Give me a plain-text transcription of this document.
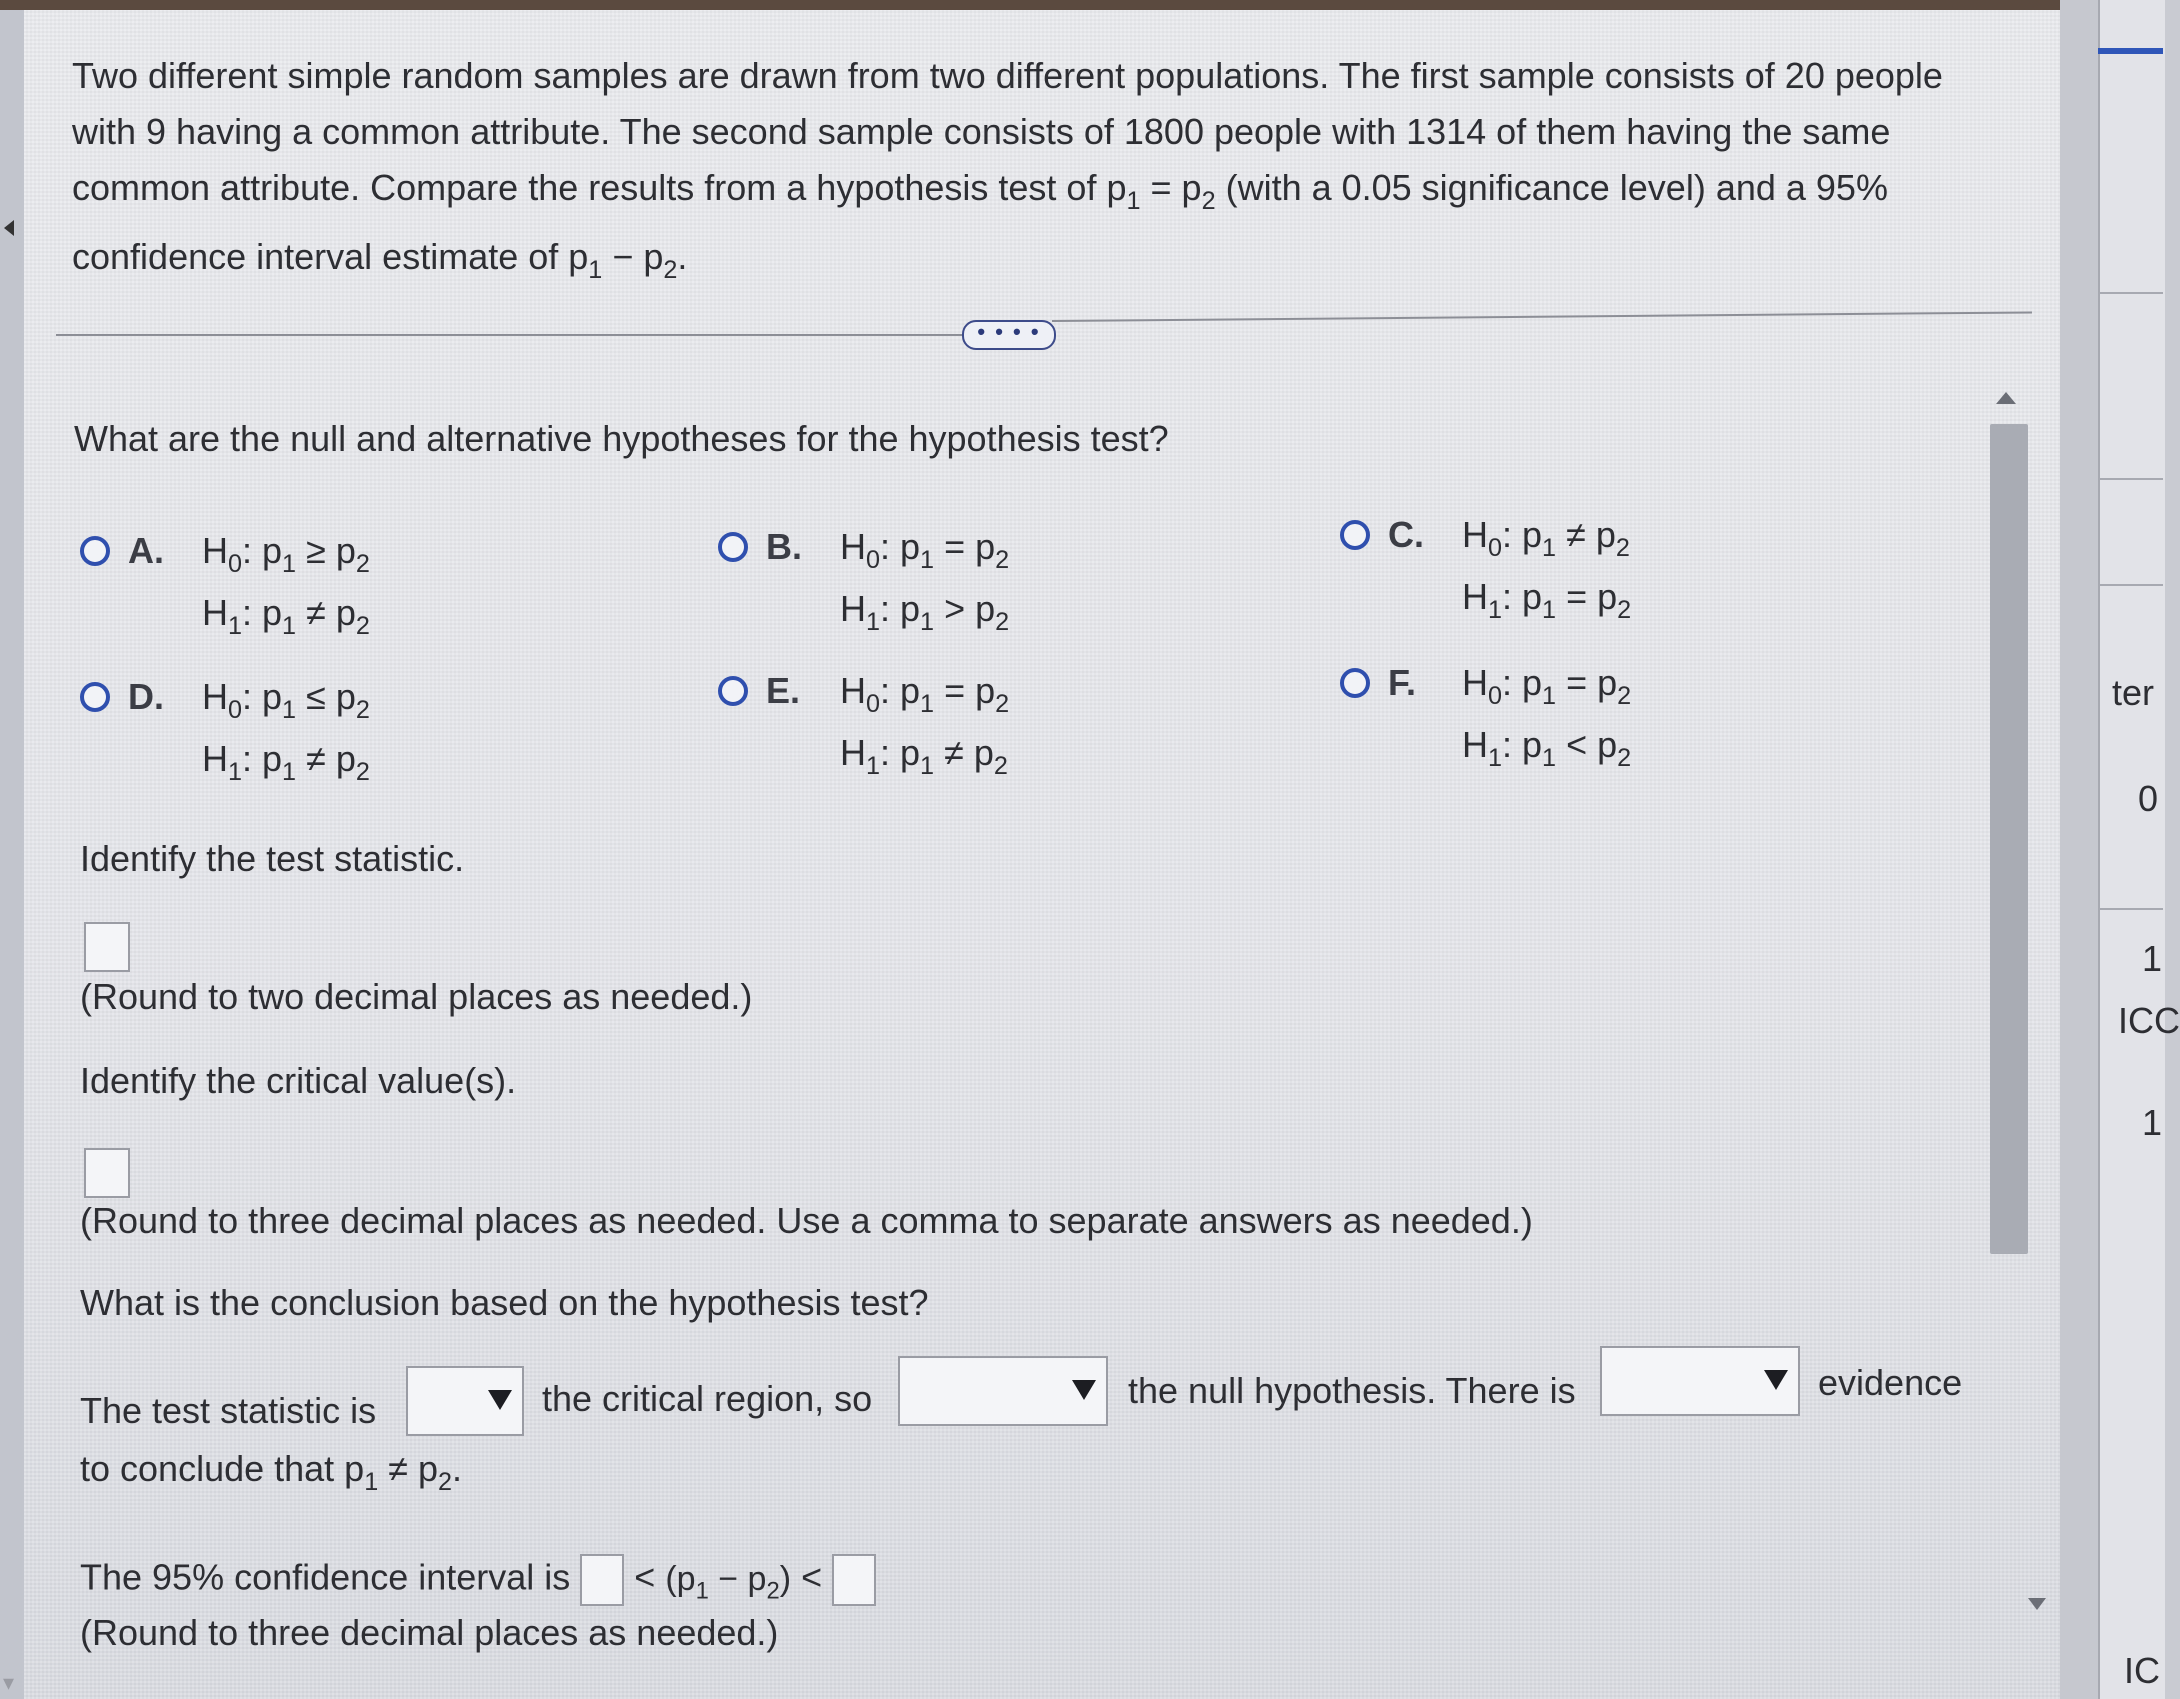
▾
Two different simple random samples are drawn from two different populations. The first sample consists of 20 people
with 9 having a common attribute. The second sample consists of 1800 people with 1314 of them having the same
common attribute. Compare the results from a hypothesis test of $p_1 = p_2$ (with a 0.05 significance level) and a 95%
confidence interval estimate of $p_1 - p_2$.
• • • •
What are the null and alternative hypotheses for the hypothesis test?
A. $H_0$: $p_1 \ge p_2$
$H_1$: $p_1 \ne p_2$
B. $H_0$: $p_1 = p_2$
$H_1$: $p_1 > p_2$
C. $H_0$: $p_1 \ne p_2$
$H_1$: $p_1 = p_2$
D. $H_0$: $p_1 \le p_2$
$H_1$: $p_1 \ne p_2$
E. $H_0$: $p_1 = p_2$
$H_1$: $p_1 \ne p_2$
F. $H_0$: $p_1 = p_2$
$H_1$: $p_1 < p_2$
Identify the test statistic.
(Round to two decimal places as needed.)
Identify the critical value(s).
(Round to three decimal places as needed. Use a comma to separate answers as needed.)
What is the conclusion based on the hypothesis test?
The test statistic is	the critical region, so	the null hypothesis. There is	evidence
to conclude that $p_1 \ne p_2$.
The 95% confidence interval is  < $(p_1 - p_2)$ <
(Round to three decimal places as needed.)
ter
0
1
ICC
1
IC
